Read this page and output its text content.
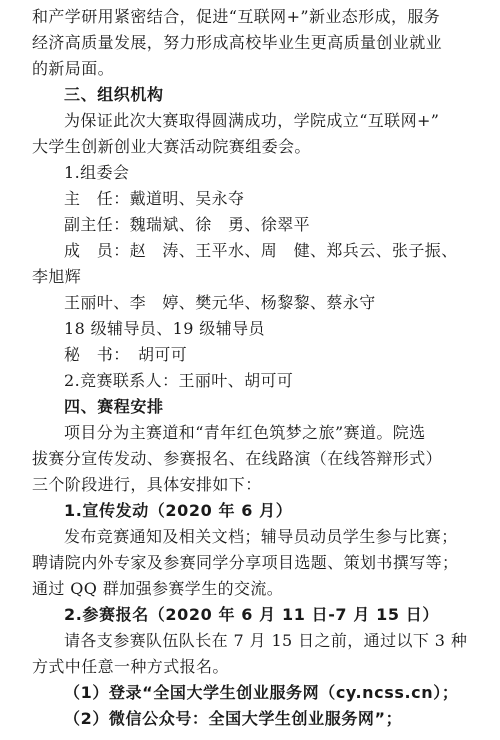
和产学研用紧密结合，促进“互联网+”新业态形成，服务
经济高质量发展，努力形成高校毕业生更高质量创业就业
的新局面。
三、组织机构
为保证此次大赛取得圆满成功，学院成立“互联网+”
大学生创新创业大赛活动院赛组委会。
1.组委会
主　任：戴道明、吴永夺
副主任：魏瑞斌、徐　勇、徐翠平
成　员：赵　涛、王平水、周　健、郑兵云、张子振、
李旭辉
王丽叶、李　婷、樊元华、杨黎黎、蔡永守
18 级辅导员、19 级辅导员
秘　书：　胡可可
2.竞赛联系人：王丽叶、胡可可
四、赛程安排
项目分为主赛道和“青年红色筑梦之旅”赛道。院选
拔赛分宣传发动、参赛报名、在线路演（在线答辩形式）
三个阶段进行，具体安排如下：
1.宣传发动（2020 年 6 月）
发布竞赛通知及相关文档；辅导员动员学生参与比赛；
聘请院内外专家及参赛同学分享项目选题、策划书撰写等；
通过 QQ 群加强参赛学生的交流。
2.参赛报名（2020 年 6 月 11 日-7 月 15 日）
请各支参赛队伍队长在 7 月 15 日之前，通过以下 3 种
方式中任意一种方式报名。
（1）登录“全国大学生创业服务网（cy.ncss.cn）；
（2）微信公众号：全国大学生创业服务网”；
